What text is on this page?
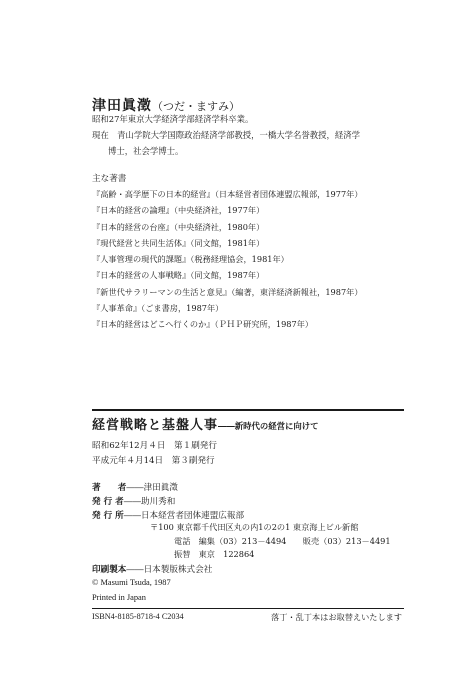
津田眞澂（つだ・ますみ）
昭和27年東京大学経済学部経済学科卒業。
現在　青山学院大学国際政治経済学部教授，一橋大学名誉教授，経済学
博士，社会学博士。
主な著書
『高齢・高学歴下の日本的経営』（日本経営者団体連盟広報部，1977年）
『日本的経営の論理』（中央経済社，1977年）
『日本的経営の台座』（中央経済社，1980年）
『現代経営と共同生活体』（同文館，1981年）
『人事管理の現代的課題』（税務経理協会，1981年）
『日本的経営の人事戦略』（同文館，1987年）
『新世代サラリーマンの生活と意見』（編著，東洋経済新報社，1987年）
『人事革命』（ごま書房，1987年）
『日本的経営はどこへ行くのか』（ＰＨＰ研究所，1987年）
経営戦略と基盤人事――新時代の経営に向けて
昭和62年12月４日　第１刷発行
平成元年４月14日　第３刷発行
著　　者――津田眞澂
発 行 者――助川秀和
発 行 所――日本経営者団体連盟広報部
〒100 東京都千代田区丸の内1の2の1 東京海上ビル新館
電話　編集（03）213－4494　　販売（03）213－4491
振替　東京　122864
印刷製本――日本製版株式会社
© Masumi Tsuda, 1987
Printed in Japan
ISBN4-8185-8718-4 C2034	落丁・乱丁本はお取替えいたします
